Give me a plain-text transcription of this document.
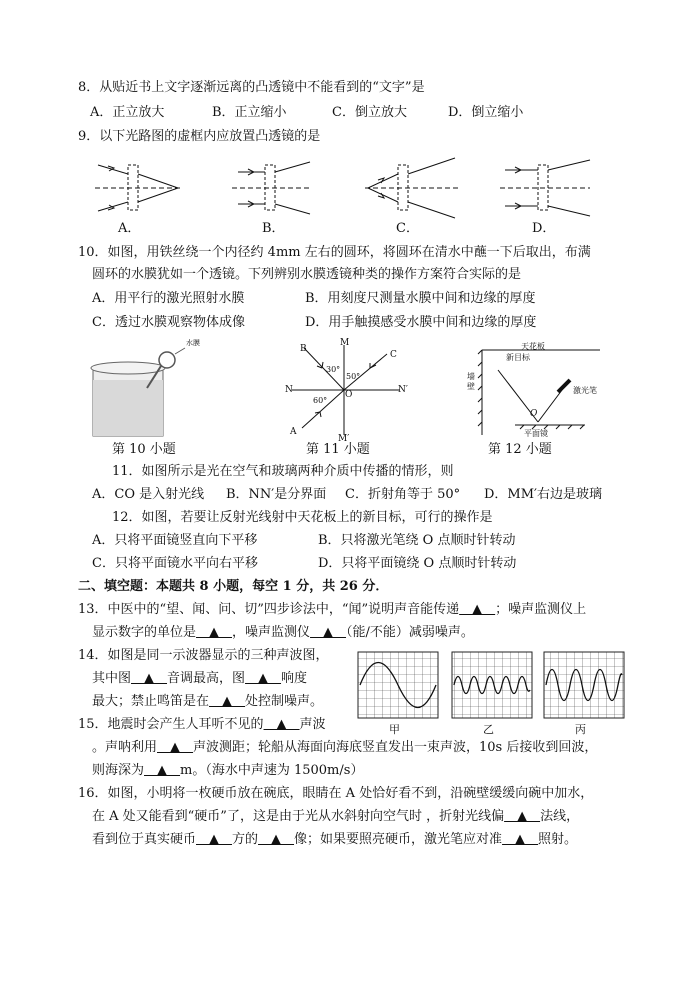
8．从贴近书上文字逐渐远离的凸透镜中不能看到的“文字”是
A．正立放大	B．正立缩小	C．倒立放大	D．倒立缩小
9．以下光路图的虚框内应放置凸透镜的是
A．	B．	C．	D．
10．如图，用铁丝绕一个内径约 4mm 左右的圆环，将圆环在清水中蘸一下后取出，布满
圆环的水膜犹如一个透镜。下列辨别水膜透镜种类的操作方案符合实际的是
A．用平行的激光照射水膜	B．用刻度尺测量水膜中间和边缘的厚度
C．透过水膜观察物体成像	D．用手触摸感受水膜中间和边缘的厚度
水膜
B
M
C
N	N′
O
A
M′
30°
50°
60°
天花板
新目标
墙壁	激光笔
O
平面镜
第 10 小题	第 11 小题	第 12 小题
11．如图所示是光在空气和玻璃两种介质中传播的情形，则
A．CO 是入射光线 B．NN′是分界面 C．折射角等于 50° D．MM′右边是玻璃
12．如图，若要让反射光线射中天花板上的新目标，可行的操作是
A．只将平面镜竖直向下平移	B．只将激光笔绕 O 点顺时针转动
C．只将平面镜水平向右平移	D．只将平面镜绕 O 点顺时针转动
二、填空题：本题共 8 小题，每空 1 分，共 26 分．
13．中医中的“望、闻、问、切”四步诊法中，“闻”说明声音能传递　▲　；噪声监测仪上
显示数字的单位是　▲　，噪声监测仪　▲　（能/不能）减弱噪声。
14．如图是同一示波器显示的三种声波图，
其中图　▲　音调最高，图　▲　响度
最大；禁止鸣笛是在　▲　处控制噪声。
甲	乙	丙
15．地震时会产生人耳听不见的　▲　声波
。声呐利用　▲　声波测距；轮船从海面向海底竖直发出一束声波，10s 后接收到回波，
则海深为　▲　m。（海水中声速为 1500m/s）
16．如图，小明将一枚硬币放在碗底，眼睛在 A 处恰好看不到，沿碗壁缓缓向碗中加水，
在 A 处又能看到“硬币”了，这是由于光从水斜射向空气时 ，折射光线偏　▲　法线，
看到位于真实硬币　▲　方的　▲　像；如果要照亮硬币，激光笔应对准　▲　照射。
